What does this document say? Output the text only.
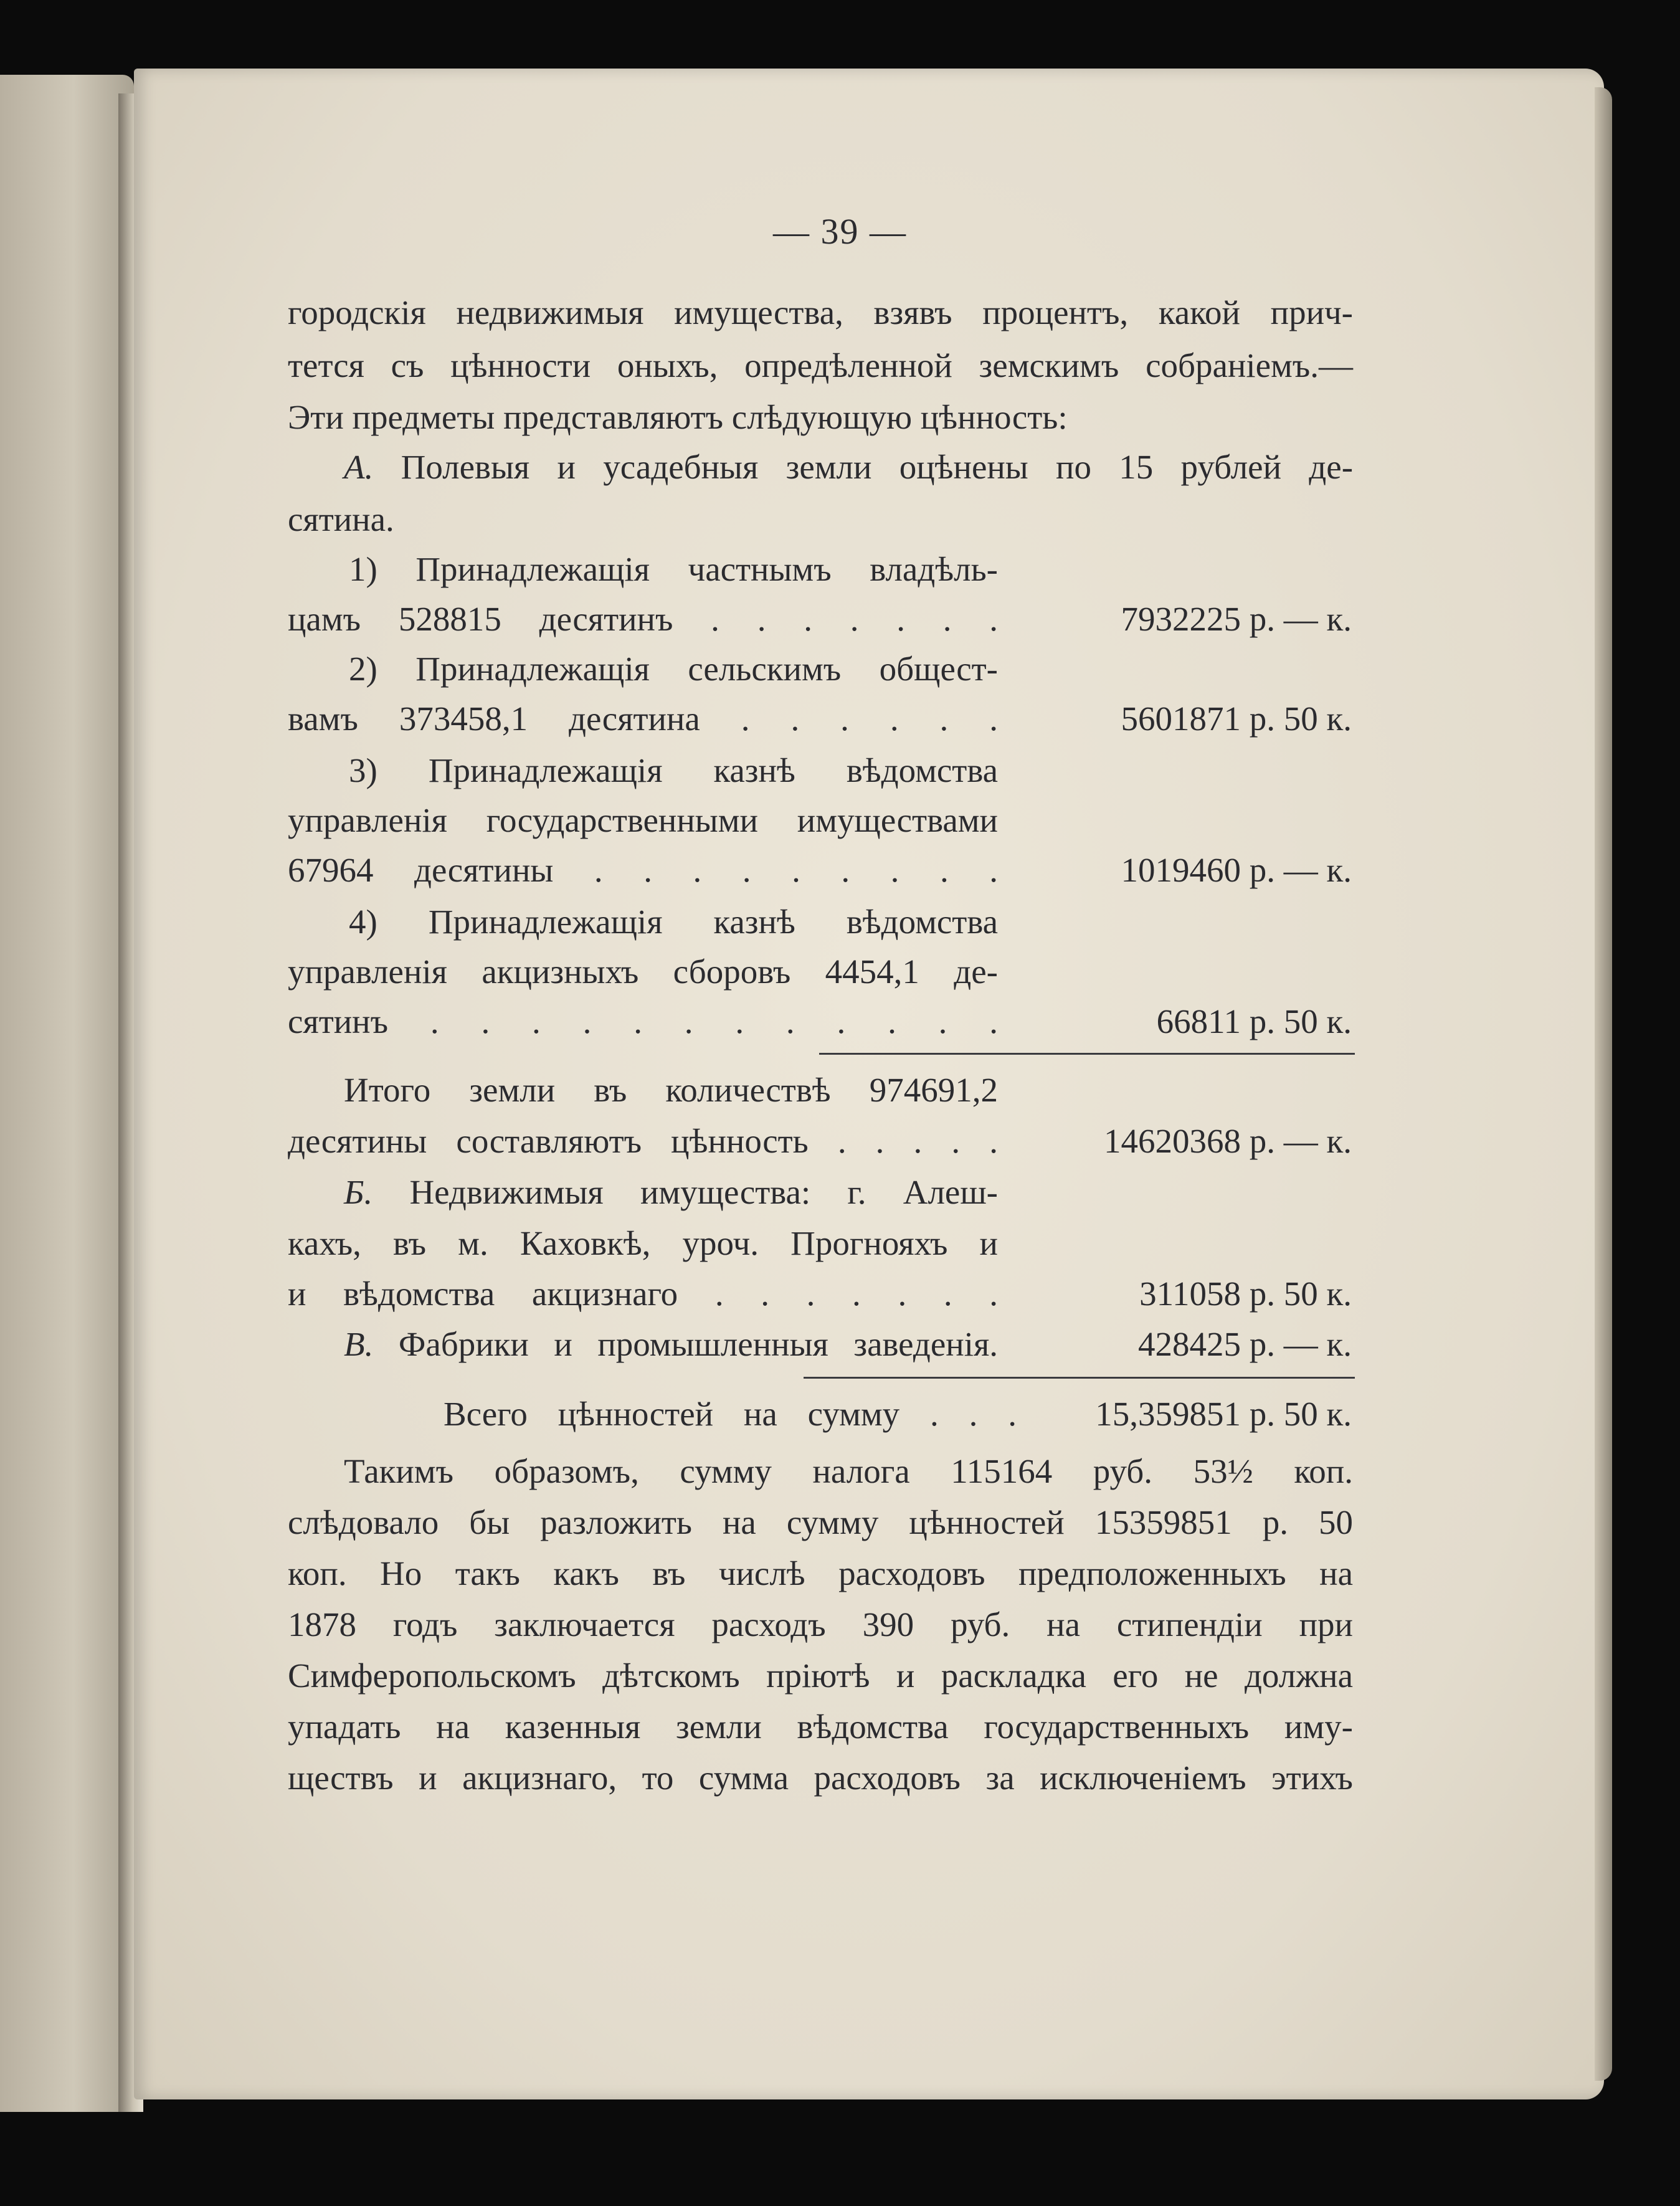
— 39 —
городскія недвижимыя имущества, взявъ процентъ, какой прич-
тется съ цѣнности оныхъ, опредѣленной земскимъ собраніемъ.—
Эти предметы представляютъ слѣдующую цѣнность:
А. Полевыя и усадебныя земли оцѣнены по 15 рублей де-
сятина.
1) Принадлежащія частнымъ владѣль-
цамъ 528815 десятинъ . . . . . . .	7932225 р. — к.
2) Принадлежащія сельскимъ общест-
вамъ 373458,1 десятина . . . . . .	5601871 р. 50 к.
3) Принадлежащія казнѣ вѣдомства
управленія государственными имуществами
67964 десятины . . . . . . . . .	1019460 р. — к.
4) Принадлежащія казнѣ вѣдомства
управленія акцизныхъ сборовъ 4454,1 де-
сятинъ . . . . . . . . . . . .	66811 р. 50 к.
Итого земли въ количествѣ 974691,2
десятины составляютъ цѣнность . . . . .	14620368 р. — к.
Б. Недвижимыя имущества: г. Алеш-
кахъ, въ м. Каховкѣ, уроч. Прогнояхъ и
и вѣдомства акцизнаго . . . . . . .	311058 р. 50 к.
В. Фабрики и промышленныя заведенія.	428425 р. — к.
Всего цѣнностей на сумму . . .	15,359851 р. 50 к.
Такимъ образомъ, сумму налога 115164 руб. 53½ коп.
слѣдовало бы разложить на сумму цѣнностей 15359851 р. 50
коп. Но такъ какъ въ числѣ расходовъ предположенныхъ на
1878 годъ заключается расходъ 390 руб. на стипендіи при
Симферопольскомъ дѣтскомъ пріютѣ и раскладка его не должна
упадать на казенныя земли вѣдомства государственныхъ иму-
ществъ и акцизнаго, то сумма расходовъ за исключеніемъ этихъ
